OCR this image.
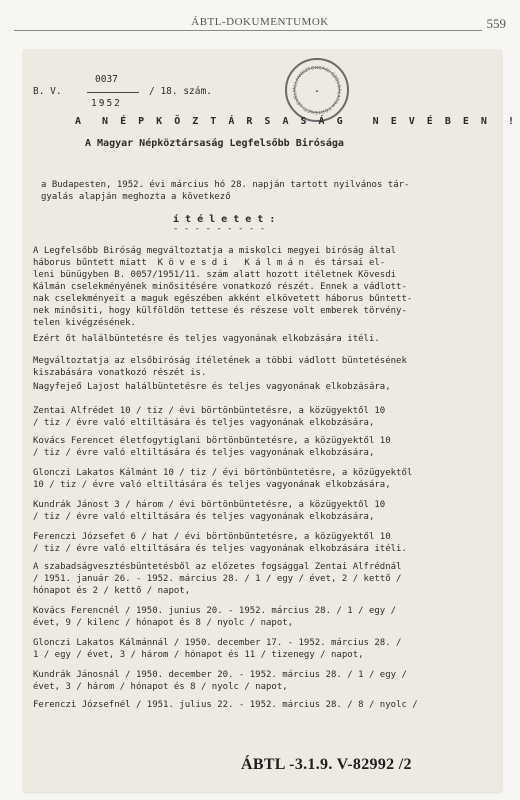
ÁBTL-DOKUMENTUMOK	559
0037
B. V.	/ 18. szám.
1952
ÁLLAMBIZTONSÁGI SZOLGÁLATOK TÖRTÉNETI LEVÉLT	✦
A  N É P K Ö Z T Á R S A S Á G   N E V É B E N  !
A Magyar Népköztársaság Legfelsőbb Birósága
a Budapesten, 1952. évi március hó 28. napján tartott nyilvános tár-
gyalás alapján meghozta a következő
í t é l e t e t :
- - - - - - - - -
A Legfelsőbb Biróság megváltoztatja a miskolci megyei biróság által
háborus bűntett miatt  K ö v e s d i   K á l m á n  és társai el-
leni bünügyben B. 0057/1951/11. szám alatt hozott itéletnek Kövesdi
Kálmán cselekményének minősitésére vonatkozó részét. Ennek a vádlott-
nak cselekményeit a maguk egészében akként elkövetett háborus bűntett-
nek minősiti, hogy külföldön tettese és részese volt emberek törvény-
telen kivégzésének.
Ezért őt halálbüntetésre és teljes vagyonának elkobzására itéli.
Megváltoztatja az elsőbiróság itéletének a többi vádlott büntetésének
kiszabására vonatkozó részét is.
Nagyfejeő Lajost halálbüntetésre és teljes vagyonának elkobzására,
Zentai Alfrédet 10 / tiz / évi börtönbüntetésre, a közügyektől 10
/ tiz / évre való eltiltására és teljes vagyonának elkobzására,
Kovács Ferencet életfogytiglani börtönbüntetésre, a közügyektől 10
/ tiz / évre való eltiltására és teljes vagyonának elkobzására,
Glonczi Lakatos Kálmánt 10 / tiz / évi börtönbüntetésre, a közügyektől
10 / tiz / évre való eltiltására és teljes vagyonának elkobzására,
Kundrák Jánost 3 / három / évi börtönbüntetésre, a közügyektől 10
/ tiz / évre való eltiltására és teljes vagyonának elkobzására,
Ferenczi Józsefet 6 / hat / évi börtönbüntetésre, a közügyektől 10
/ tiz / évre való eltiltására és teljes vagyonának elkobzására itéli.
A szabadságvesztésbüntetésből az előzetes fogsággal Zentai Alfrédnál
/ 1951. január 26. - 1952. március 28. / 1 / egy / évet, 2 / kettő /
hónapot és 2 / kettő / napot,
Kovács Ferencnél / 1950. junius 20. - 1952. március 28. / 1 / egy /
évet, 9 / kilenc / hónapot és 8 / nyolc / napot,
Glonczi Lakatos Kálmánnál / 1950. december 17. - 1952. március 28. /
1 / egy / évet, 3 / három / hónapot és 11 / tizenegy / napot,
Kundrák Jánosnál / 1950. december 20. - 1952. március 28. / 1 / egy /
évet, 3 / három / hónapot és 8 / nyolc / napot,
Ferenczi Józsefnél / 1951. julius 22. - 1952. március 28. / 8 / nyolc /
ÁBTL -3.1.9. V-82992 /2
